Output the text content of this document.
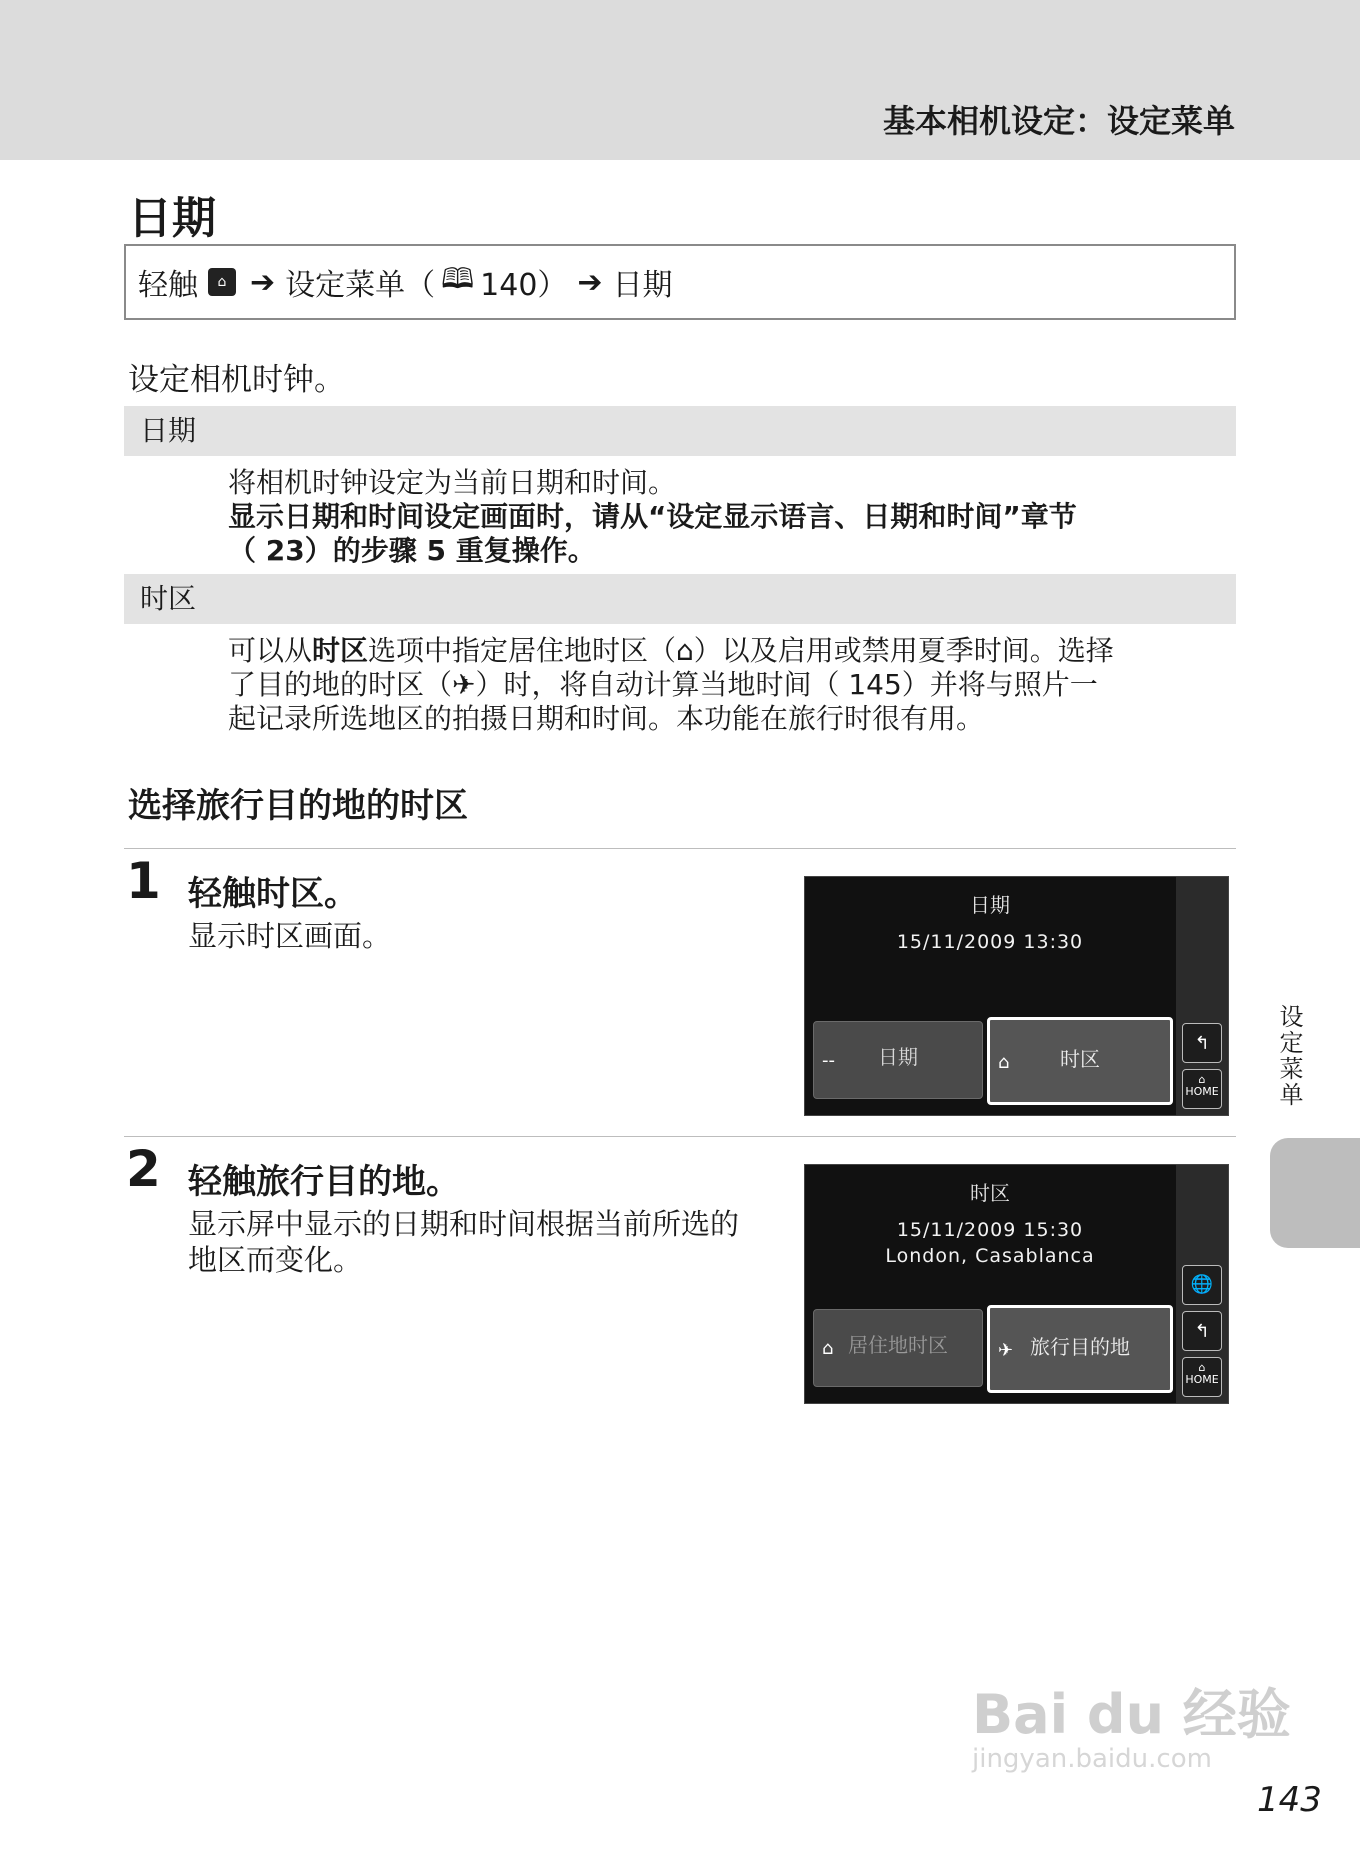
基本相机设定：设定菜单
日期
轻触	⌂ ➔ 设定菜单（ 🕮 140） ➔ 日期
设定相机时钟。
日期
将相机时钟设定为当前日期和时间。
显示日期和时间设定画面时，请从“设定显示语言、日期和时间”章节
（ 23）的步骤 5 重复操作。
时区
可以从时区选项中指定居住地时区（⌂）以及启用或禁用夏季时间。选择
了目的地的时区（✈）时，将自动计算当地时间（ 145）并将与照片一
起记录所选地区的拍摄日期和时间。本功能在旅行时很有用。
选择旅行目的地的时区
1 轻触时区。
显示时区画面。
日期
15/11/2009 13:30
-- 日期	⌂	时区
↰
⌂
HOME
2 轻触旅行目的地。
显示屏中显示的日期和时间根据当前所选的
地区而变化。
时区
15/11/2009 15:30
London, Casablanca
⌂ 居住地时区	✈ 旅行目的地
🌐
↰
⌂
HOME
设定菜单
Bai du 经验
jingyan.baidu.com
143
